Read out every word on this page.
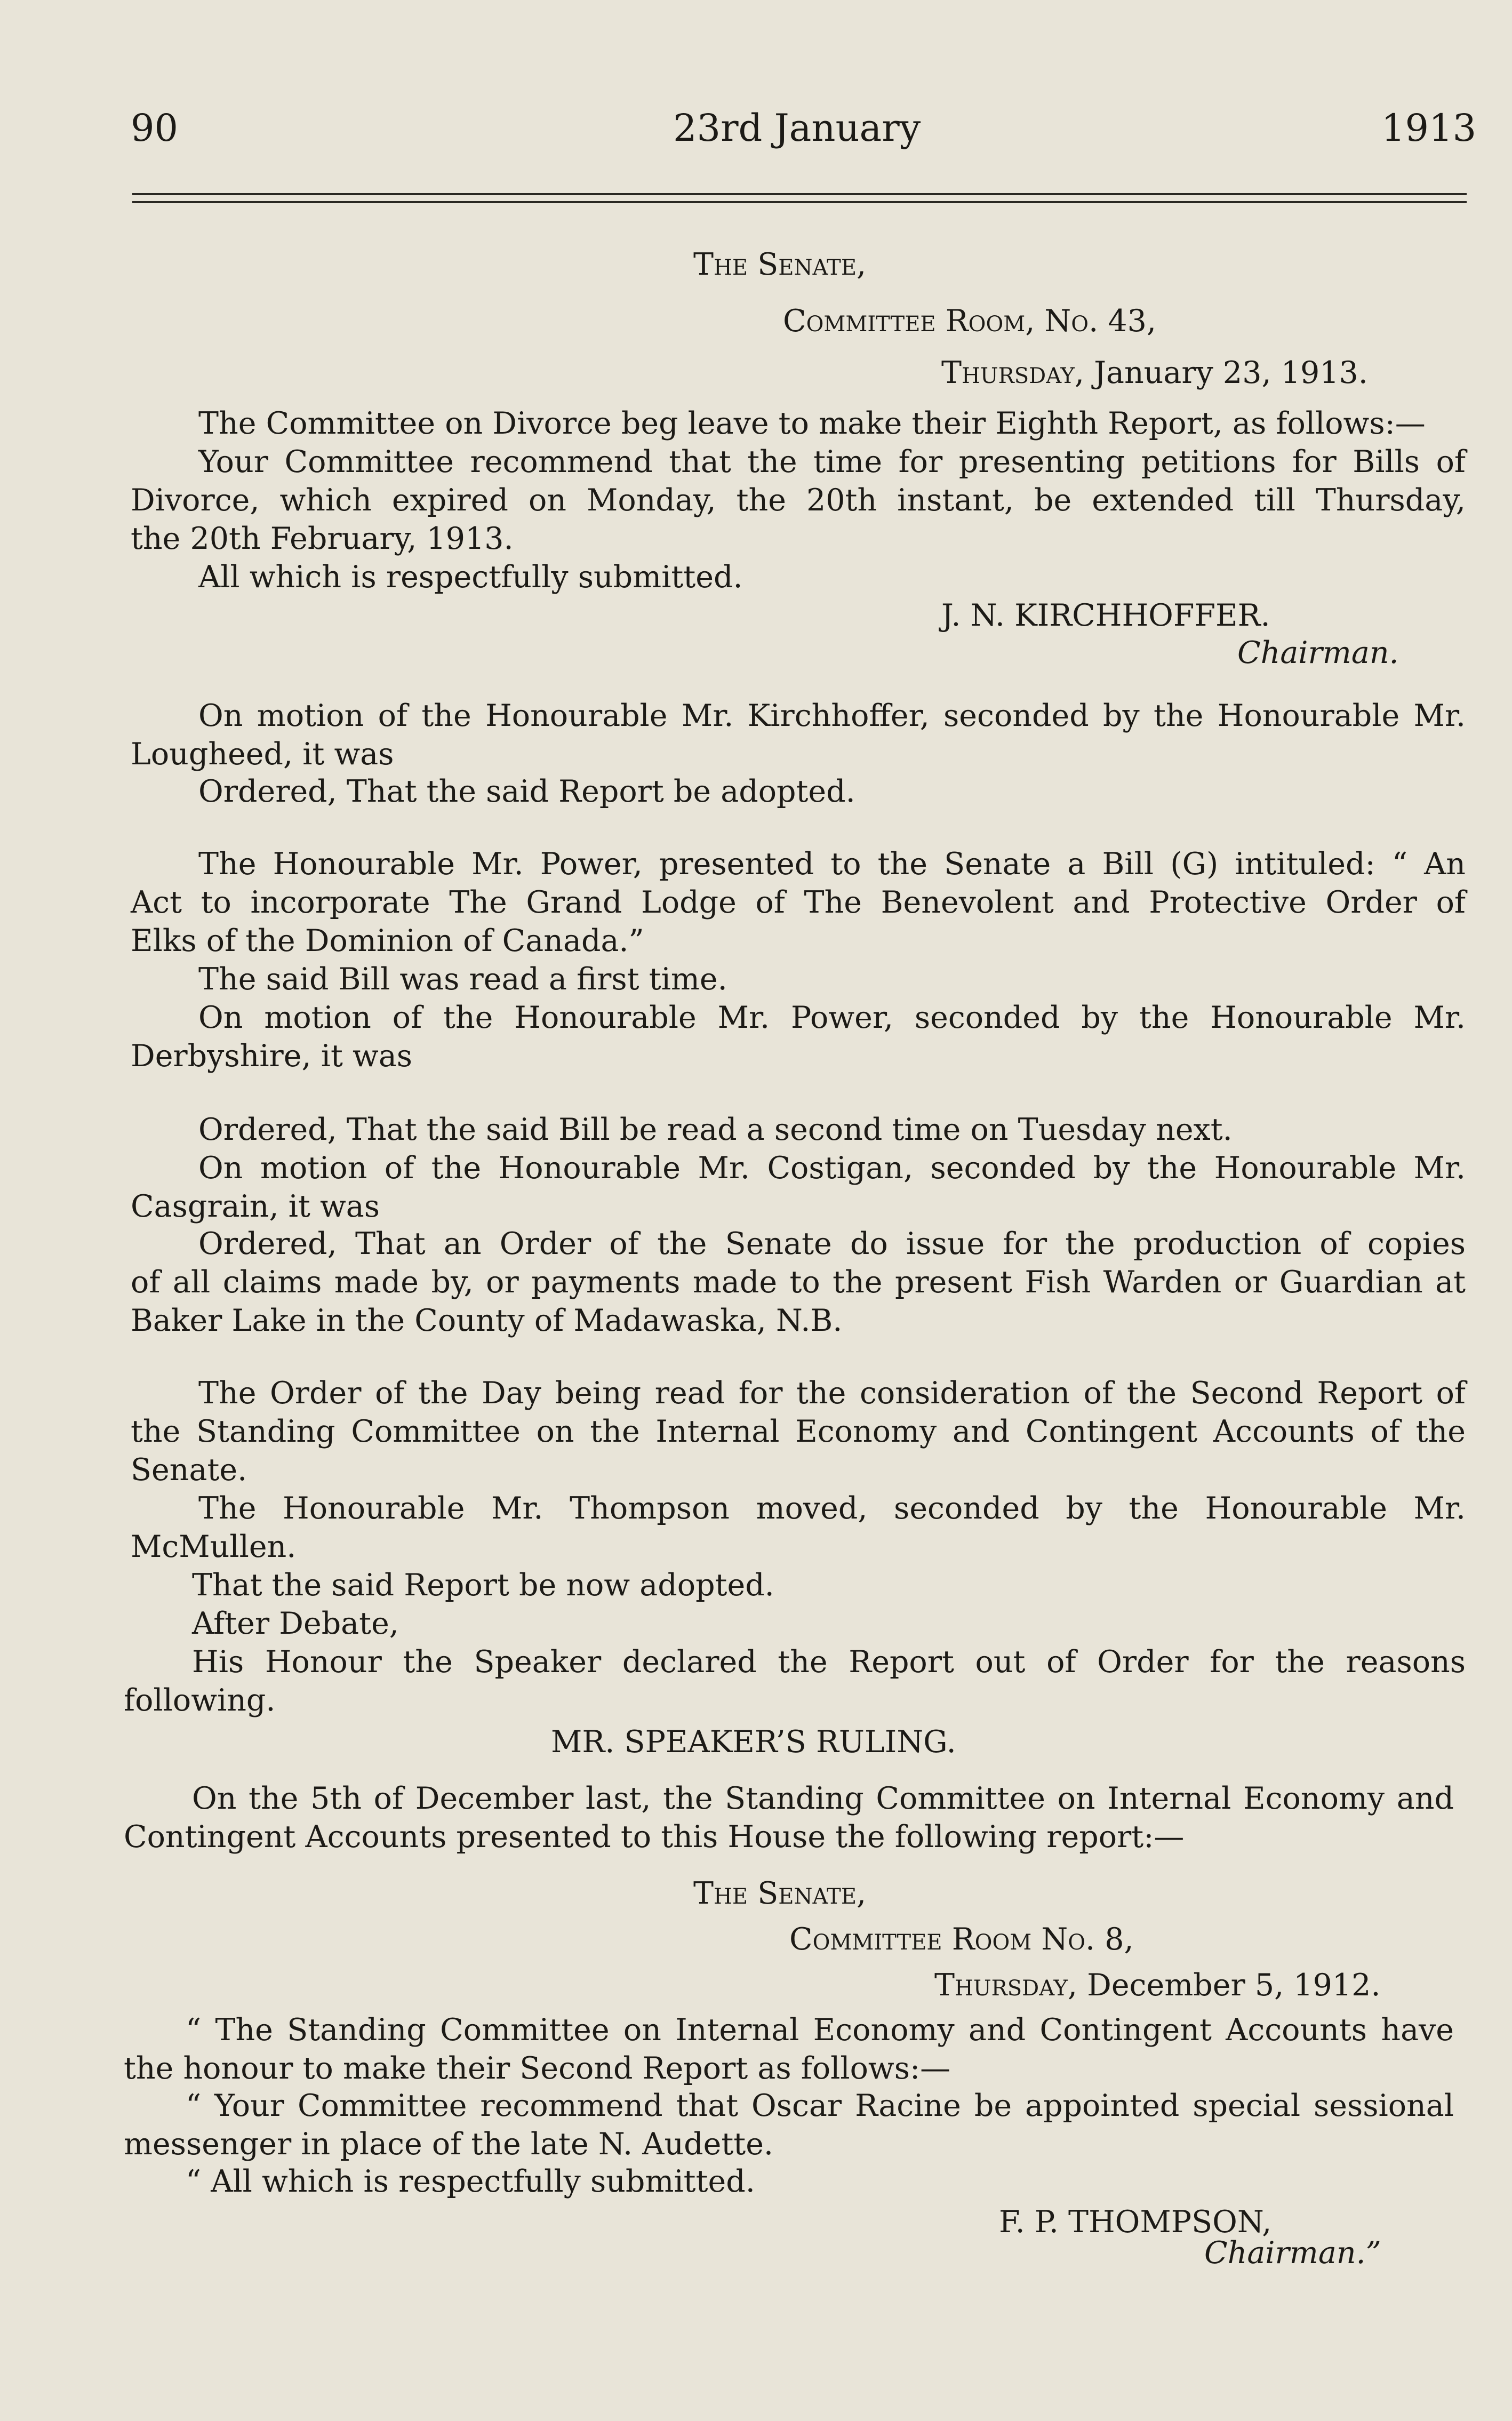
90	23rd January	1913
The Senate,
Committee Room, No. 43,
Thursday, January 23, 1913.
The Committee on Divorce beg leave to make their Eighth Report, as follows:—
Your Committee recommend that the time for presenting petitions for Bills of
Divorce, which expired on Monday, the 20th instant, be extended till Thursday,
the 20th February, 1913.
All which is respectfully submitted.
J. N. KIRCHHOFFER.
Chairman.
On motion of the Honourable Mr. Kirchhoffer, seconded by the Honourable Mr.
Lougheed, it was
Ordered, That the said Report be adopted.
The Honourable Mr. Power, presented to the Senate a Bill (G) intituled: “ An
Act to incorporate The Grand Lodge of The Benevolent and Protective Order of
Elks of the Dominion of Canada.”
The said Bill was read a first time.
On motion of the Honourable Mr. Power, seconded by the Honourable Mr.
Derbyshire, it was
Ordered, That the said Bill be read a second time on Tuesday next.
On motion of the Honourable Mr. Costigan, seconded by the Honourable Mr.
Casgrain, it was
Ordered, That an Order of the Senate do issue for the production of copies
of all claims made by, or payments made to the present Fish Warden or Guardian at
Baker Lake in the County of Madawaska, N.B.
The Order of the Day being read for the consideration of the Second Report of
the Standing Committee on the Internal Economy and Contingent Accounts of the
Senate.
The Honourable Mr. Thompson moved, seconded by the Honourable Mr.
McMullen.
That the said Report be now adopted.
After Debate,
His Honour the Speaker declared the Report out of Order for the reasons
following.
MR. SPEAKER’S RULING.
On the 5th of December last, the Standing Committee on Internal Economy and
Contingent Accounts presented to this House the following report:—
The Senate,
Committee Room No. 8,
Thursday, December 5, 1912.
“ The Standing Committee on Internal Economy and Contingent Accounts have
the honour to make their Second Report as follows:—
“ Your Committee recommend that Oscar Racine be appointed special sessional
messenger in place of the late N. Audette.
“ All which is respectfully submitted.
F. P. THOMPSON,
Chairman.”
